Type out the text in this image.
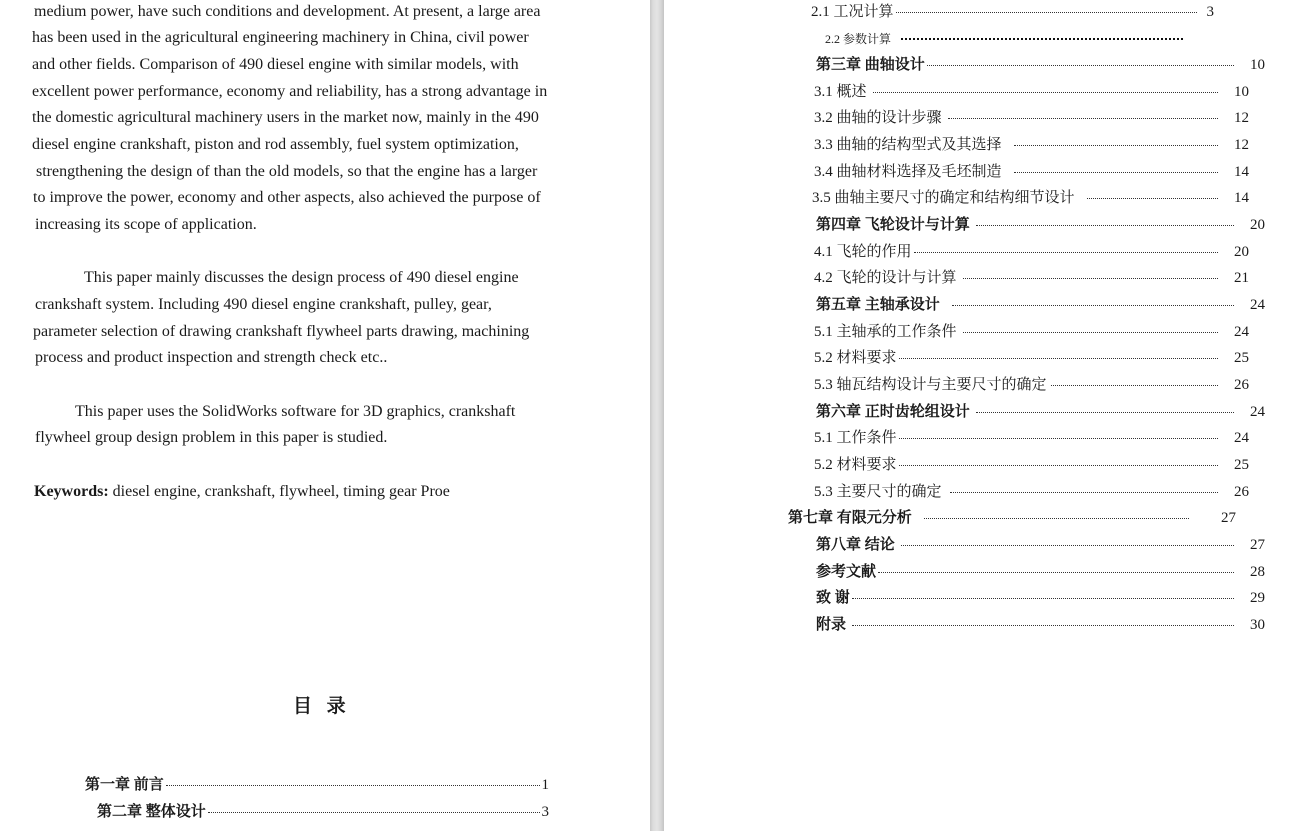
medium power, have such conditions and development. At present, a large area
has been used in the agricultural engineering machinery in China, civil power
and other fields. Comparison of 490 diesel engine with similar models, with
excellent power performance, economy and reliability, has a strong advantage in
the domestic agricultural machinery users in the market now, mainly in the 490
diesel engine crankshaft, piston and rod assembly, fuel system optimization,
strengthening the design of than the old models, so that the engine has a larger
to improve the power, economy and other aspects, also achieved the purpose of
increasing its scope of application.
This paper mainly discusses the design process of 490 diesel engine
crankshaft system. Including 490 diesel engine crankshaft, pulley, gear,
parameter selection of drawing crankshaft flywheel parts drawing, machining
process and product inspection and strength check etc..
This paper uses the SolidWorks software for 3D graphics, crankshaft
flywheel group design problem in this paper is studied.
Keywords: diesel engine, crankshaft, flywheel, timing gear Proe
目 录
第一章 前言	1
第二章 整体设计	3
2.1 工况计算	3
2.2 参数计算
第三章 曲轴设计	10
3.1 概述	10
3.2 曲轴的设计步骤	12
3.3 曲轴的结构型式及其选择	12
3.4 曲轴材料选择及毛坯制造	14
3.5 曲轴主要尺寸的确定和结构细节设计	14
第四章 飞轮设计与计算	20
4.1 飞轮的作用	20
4.2 飞轮的设计与计算	21
第五章 主轴承设计	24
5.1 主轴承的工作条件	24
5.2 材料要求	25
5.3 轴瓦结构设计与主要尺寸的确定	26
第六章 正时齿轮组设计	24
5.1 工作条件	24
5.2 材料要求	25
5.3 主要尺寸的确定	26
第七章 有限元分析	27
第八章 结论	27
参考文献	28
致 谢	29
附录	30
